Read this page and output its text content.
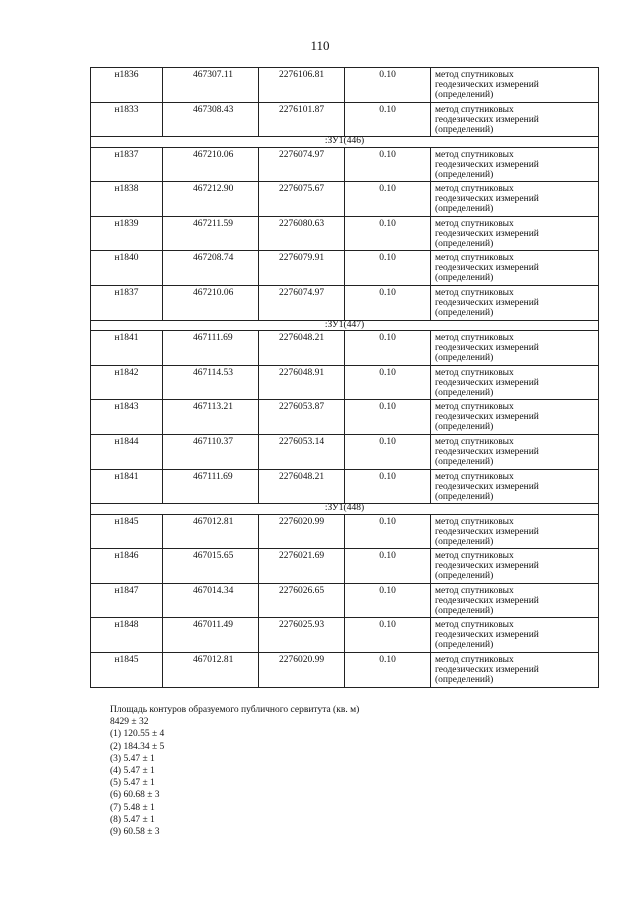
110
н1836	467307.11	2276106.81	0.10	метод спутниковых
геодезических измерений
(определений)

н1833	467308.43	2276101.87	0.10	метод спутниковых
геодезических измерений
(определений)

:ЗУ1(446)				
н1837	467210.06	2276074.97	0.10	метод спутниковых
геодезических измерений
(определений)

н1838	467212.90	2276075.67	0.10	метод спутниковых
геодезических измерений
(определений)

н1839	467211.59	2276080.63	0.10	метод спутниковых
геодезических измерений
(определений)

н1840	467208.74	2276079.91	0.10	метод спутниковых
геодезических измерений
(определений)

н1837	467210.06	2276074.97	0.10	метод спутниковых
геодезических измерений
(определений)

:ЗУ1(447)				
н1841	467111.69	2276048.21	0.10	метод спутниковых
геодезических измерений
(определений)

н1842	467114.53	2276048.91	0.10	метод спутниковых
геодезических измерений
(определений)

н1843	467113.21	2276053.87	0.10	метод спутниковых
геодезических измерений
(определений)

н1844	467110.37	2276053.14	0.10	метод спутниковых
геодезических измерений
(определений)

н1841	467111.69	2276048.21	0.10	метод спутниковых
геодезических измерений
(определений)

:ЗУ1(448)				
н1845	467012.81	2276020.99	0.10	метод спутниковых
геодезических измерений
(определений)

н1846	467015.65	2276021.69	0.10	метод спутниковых
геодезических измерений
(определений)

н1847	467014.34	2276026.65	0.10	метод спутниковых
геодезических измерений
(определений)

н1848	467011.49	2276025.93	0.10	метод спутниковых
геодезических измерений
(определений)

н1845	467012.81	2276020.99	0.10	метод спутниковых
геодезических измерений
(определений)
Площадь контуров образуемого публичного сервитута (кв. м)
8429 ± 32
(1) 120.55 ± 4
(2) 184.34 ± 5
(3) 5.47 ± 1
(4) 5.47 ± 1
(5) 5.47 ± 1
(6) 60.68 ± 3
(7) 5.48 ± 1
(8) 5.47 ± 1
(9) 60.58 ± 3
